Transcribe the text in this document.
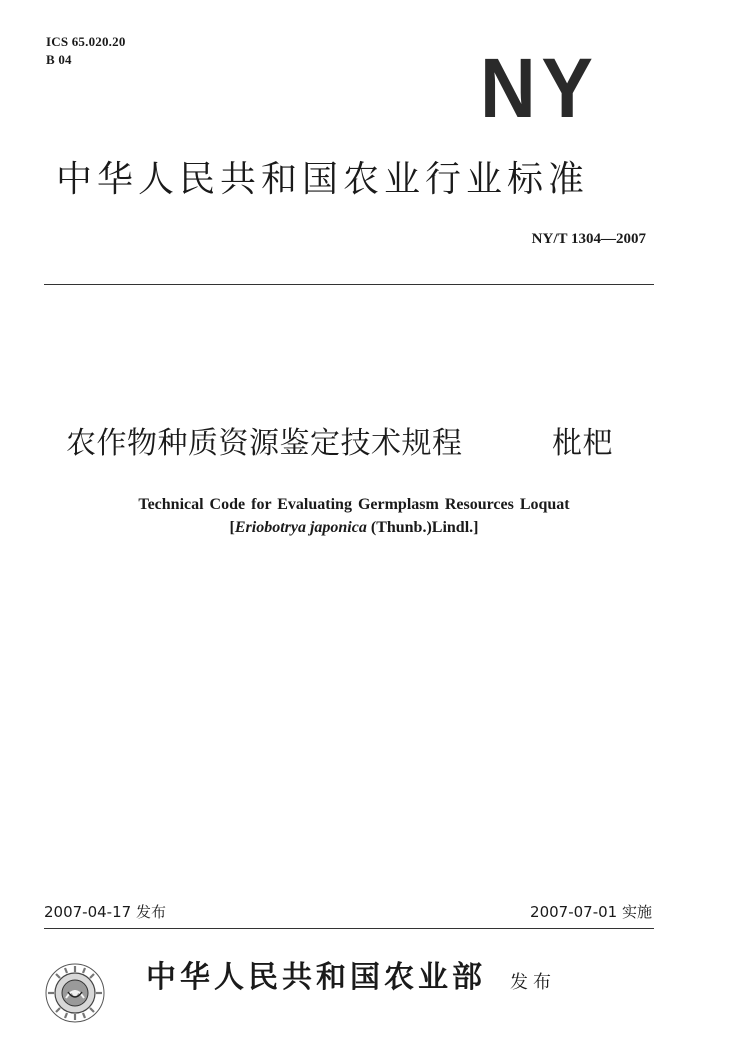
ICS 65.020.20
B 04	NY
中华人民共和国农业行业标准
NY/T 1304—2007
农作物种质资源鉴定技术规程	枇杷
Technical Code for Evaluating Germplasm Resources Loquat
[Eriobotrya japonica (Thunb.)Lindl.]
2007-04-17 发布	2007-07-01 实施
中华人民共和国农业部 发布
